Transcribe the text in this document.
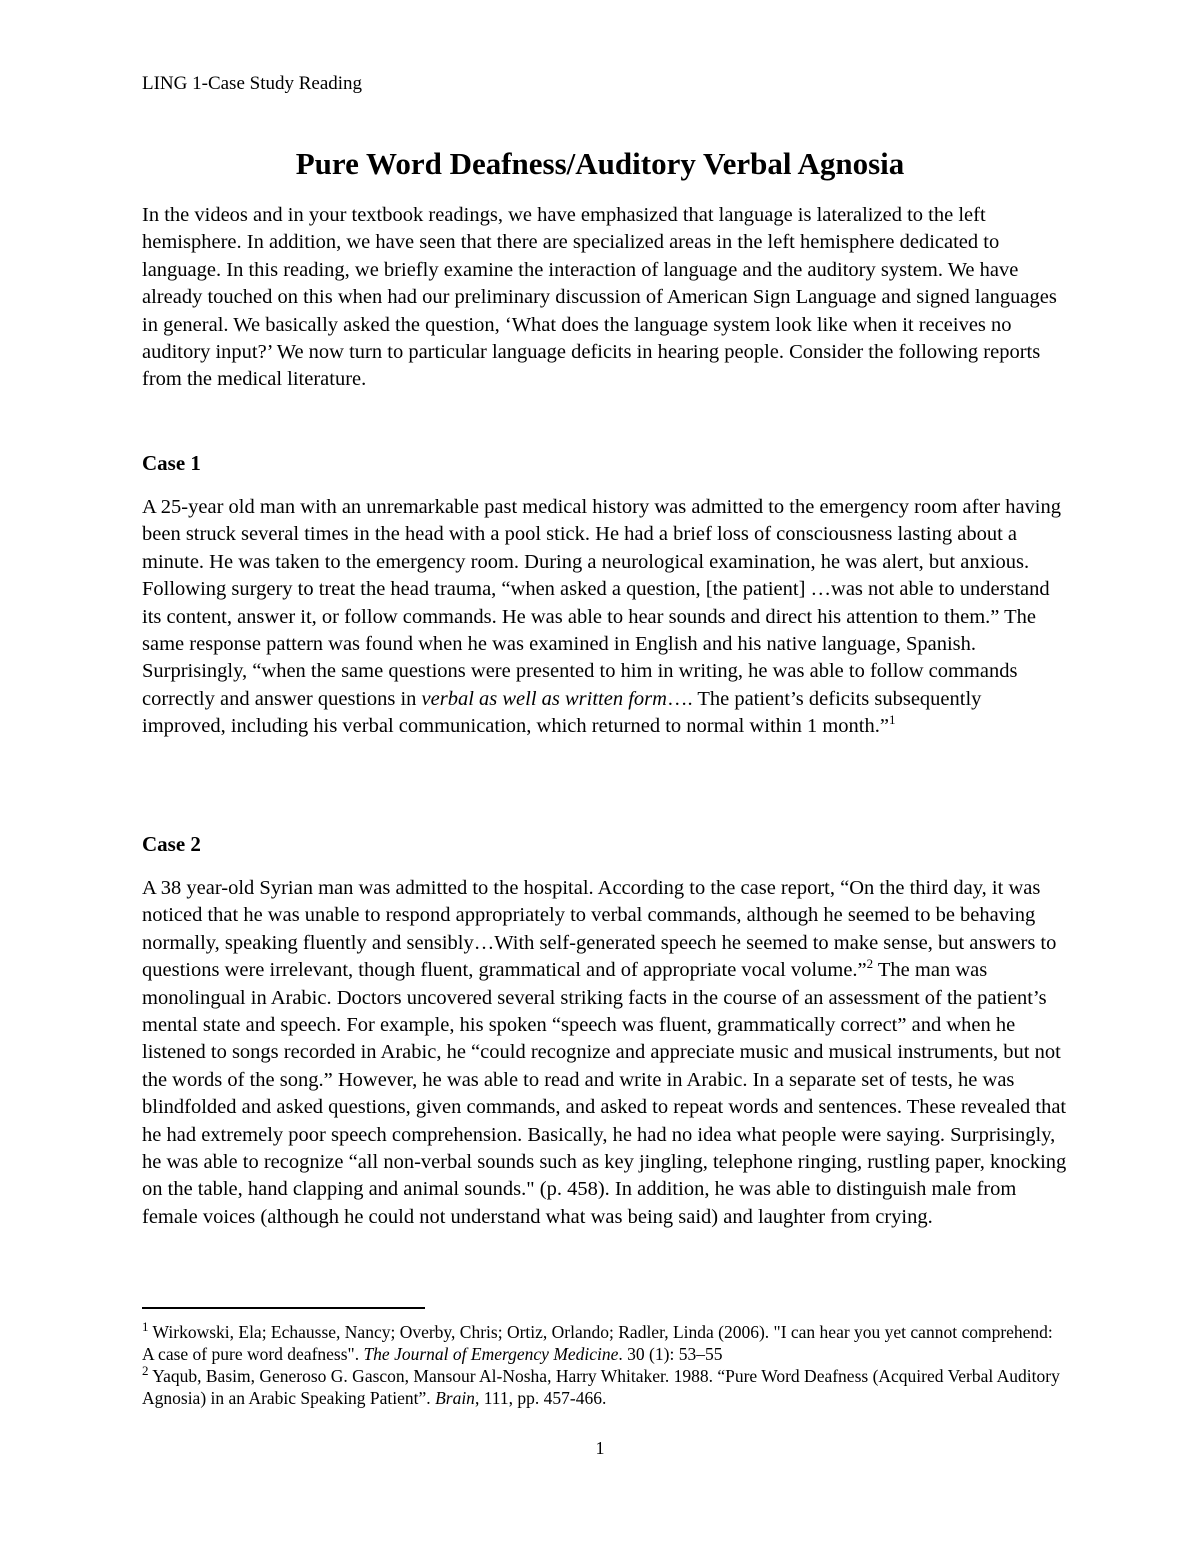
LING 1-Case Study Reading
Pure Word Deafness/Auditory Verbal Agnosia

In the videos and in your textbook readings, we have emphasized that language is lateralized to the left hemisphere. In addition, we have seen that there are specialized areas in the left hemisphere dedicated to language. In this reading, we briefly examine the interaction of language and the auditory system. We have already touched on this when had our preliminary discussion of American Sign Language and signed languages in general. We basically asked the question, ‘What does the language system look like when it receives no auditory input?’ We now turn to particular language deficits in hearing people. Consider the following reports from the medical literature.

Case 1

A 25-year old man with an unremarkable past medical history was admitted to the emergency room after having been struck several times in the head with a pool stick. He had a brief loss of consciousness lasting about a minute. He was taken to the emergency room. During a neurological examination, he was alert, but anxious. Following surgery to treat the head trauma, “when asked a question, [the patient] …was not able to understand its content, answer it, or follow commands. He was able to hear sounds and direct his attention to them.” The same response pattern was found when he was examined in English and his native language, Spanish. Surprisingly, “when the same questions were presented to him in writing, he was able to follow commands correctly and answer questions in verbal as well as written form…. The patient’s deficits subsequently improved, including his verbal communication, which returned to normal within 1 month.”$^1$

Case 2

A 38 year-old Syrian man was admitted to the hospital. According to the case report, “On the third day, it was noticed that he was unable to respond appropriately to verbal commands, although he seemed to be behaving normally, speaking fluently and sensibly…With self-generated speech he seemed to make sense, but answers to questions were irrelevant, though fluent, grammatical and of appropriate vocal volume.”$^2$ The man was monolingual in Arabic. Doctors uncovered several striking facts in the course of an assessment of the patient’s mental state and speech. For example, his spoken “speech was fluent, grammatically correct” and when he listened to songs recorded in Arabic, he “could recognize and appreciate music and musical instruments, but not the words of the song.” However, he was able to read and write in Arabic. In a separate set of tests, he was blindfolded and asked questions, given commands, and asked to repeat words and sentences. These revealed that he had extremely poor speech comprehension. Basically, he had no idea what people were saying. Surprisingly, he was able to recognize “all non-verbal sounds such as key jingling, telephone ringing, rustling paper, knocking on the table, hand clapping and animal sounds." (p. 458). In addition, he was able to distinguish male from female voices (although he could not understand what was being said) and laughter from crying.

$^1$ Wirkowski, Ela; Echausse, Nancy; Overby, Chris; Ortiz, Orlando; Radler, Linda (2006). "I can hear you yet cannot comprehend: A case of pure word deafness". The Journal of Emergency Medicine. 30 (1): 53–55

$^2$ Yaqub, Basim, Generoso G. Gascon, Mansour Al-Nosha, Harry Whitaker. 1988. “Pure Word Deafness (Acquired Verbal Auditory Agnosia) in an Arabic Speaking Patient”. Brain, 111, pp. 457-466.

1
